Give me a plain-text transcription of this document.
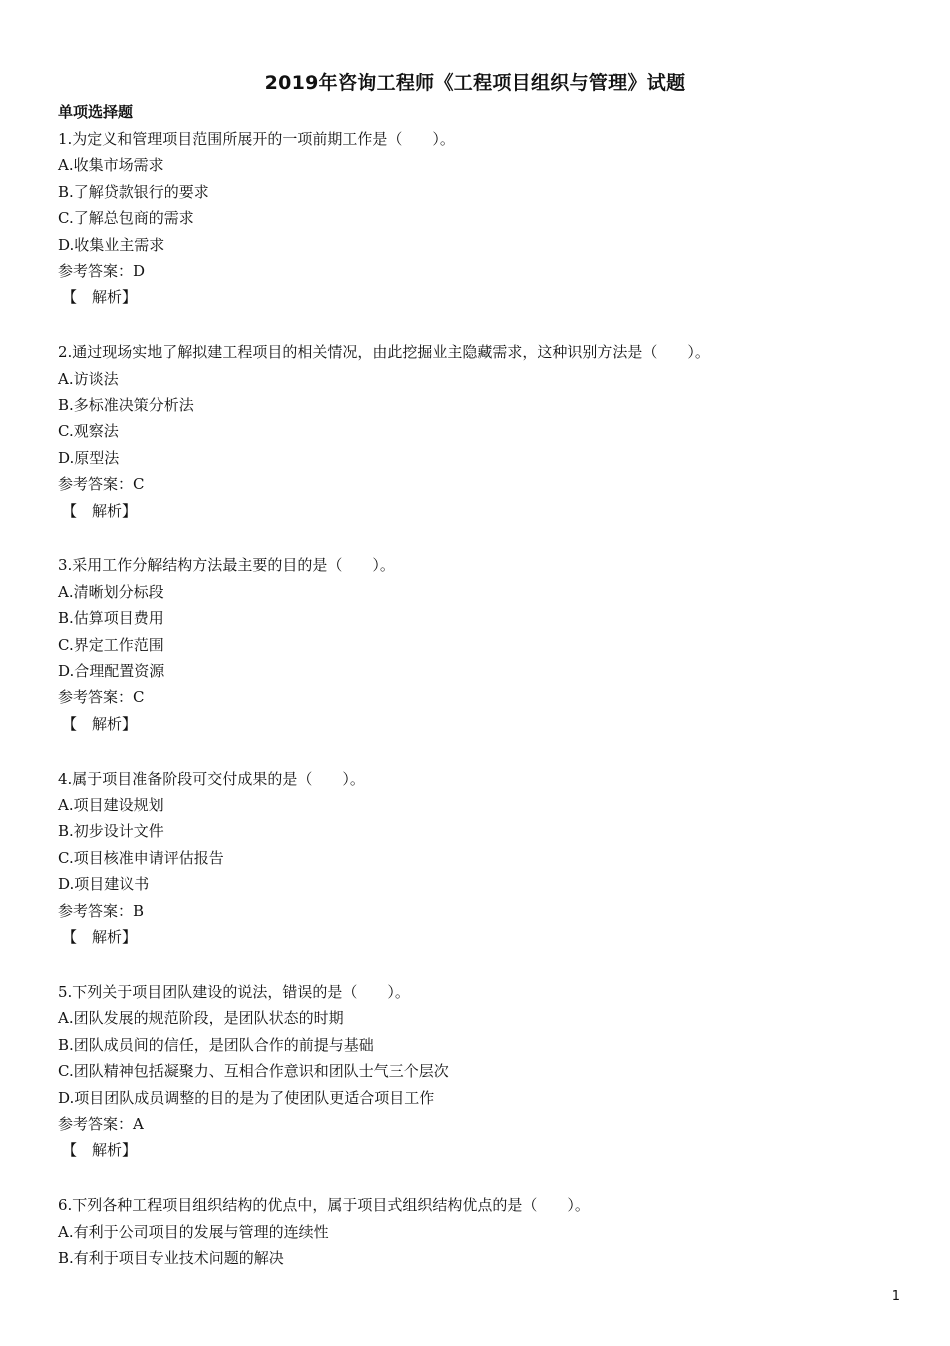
2019年咨询工程师《工程项目组织与管理》试题
单项选择题
1.为定义和管理项目范围所展开的一项前期工作是（　　）。
A.收集市场需求
B.了解贷款银行的要求
C.了解总包商的需求
D.收集业主需求
参考答案：D
【　解析】
2.通过现场实地了解拟建工程项目的相关情况，由此挖掘业主隐藏需求，这种识别方法是（　　）。
A.访谈法
B.多标准决策分析法
C.观察法
D.原型法
参考答案：C
【　解析】
3.采用工作分解结构方法最主要的目的是（　　）。
A.清晰划分标段
B.估算项目费用
C.界定工作范围
D.合理配置资源
参考答案：C
【　解析】
4.属于项目准备阶段可交付成果的是（　　）。
A.项目建设规划
B.初步设计文件
C.项目核准申请评估报告
D.项目建议书
参考答案：B
【　解析】
5.下列关于项目团队建设的说法，错误的是（　　）。
A.团队发展的规范阶段，是团队状态的时期
B.团队成员间的信任，是团队合作的前提与基础
C.团队精神包括凝聚力、互相合作意识和团队士气三个层次
D.项目团队成员调整的目的是为了使团队更适合项目工作
参考答案：A
【　解析】
6.下列各种工程项目组织结构的优点中，属于项目式组织结构优点的是（　　）。
A.有利于公司项目的发展与管理的连续性
B.有利于项目专业技术问题的解决
1
